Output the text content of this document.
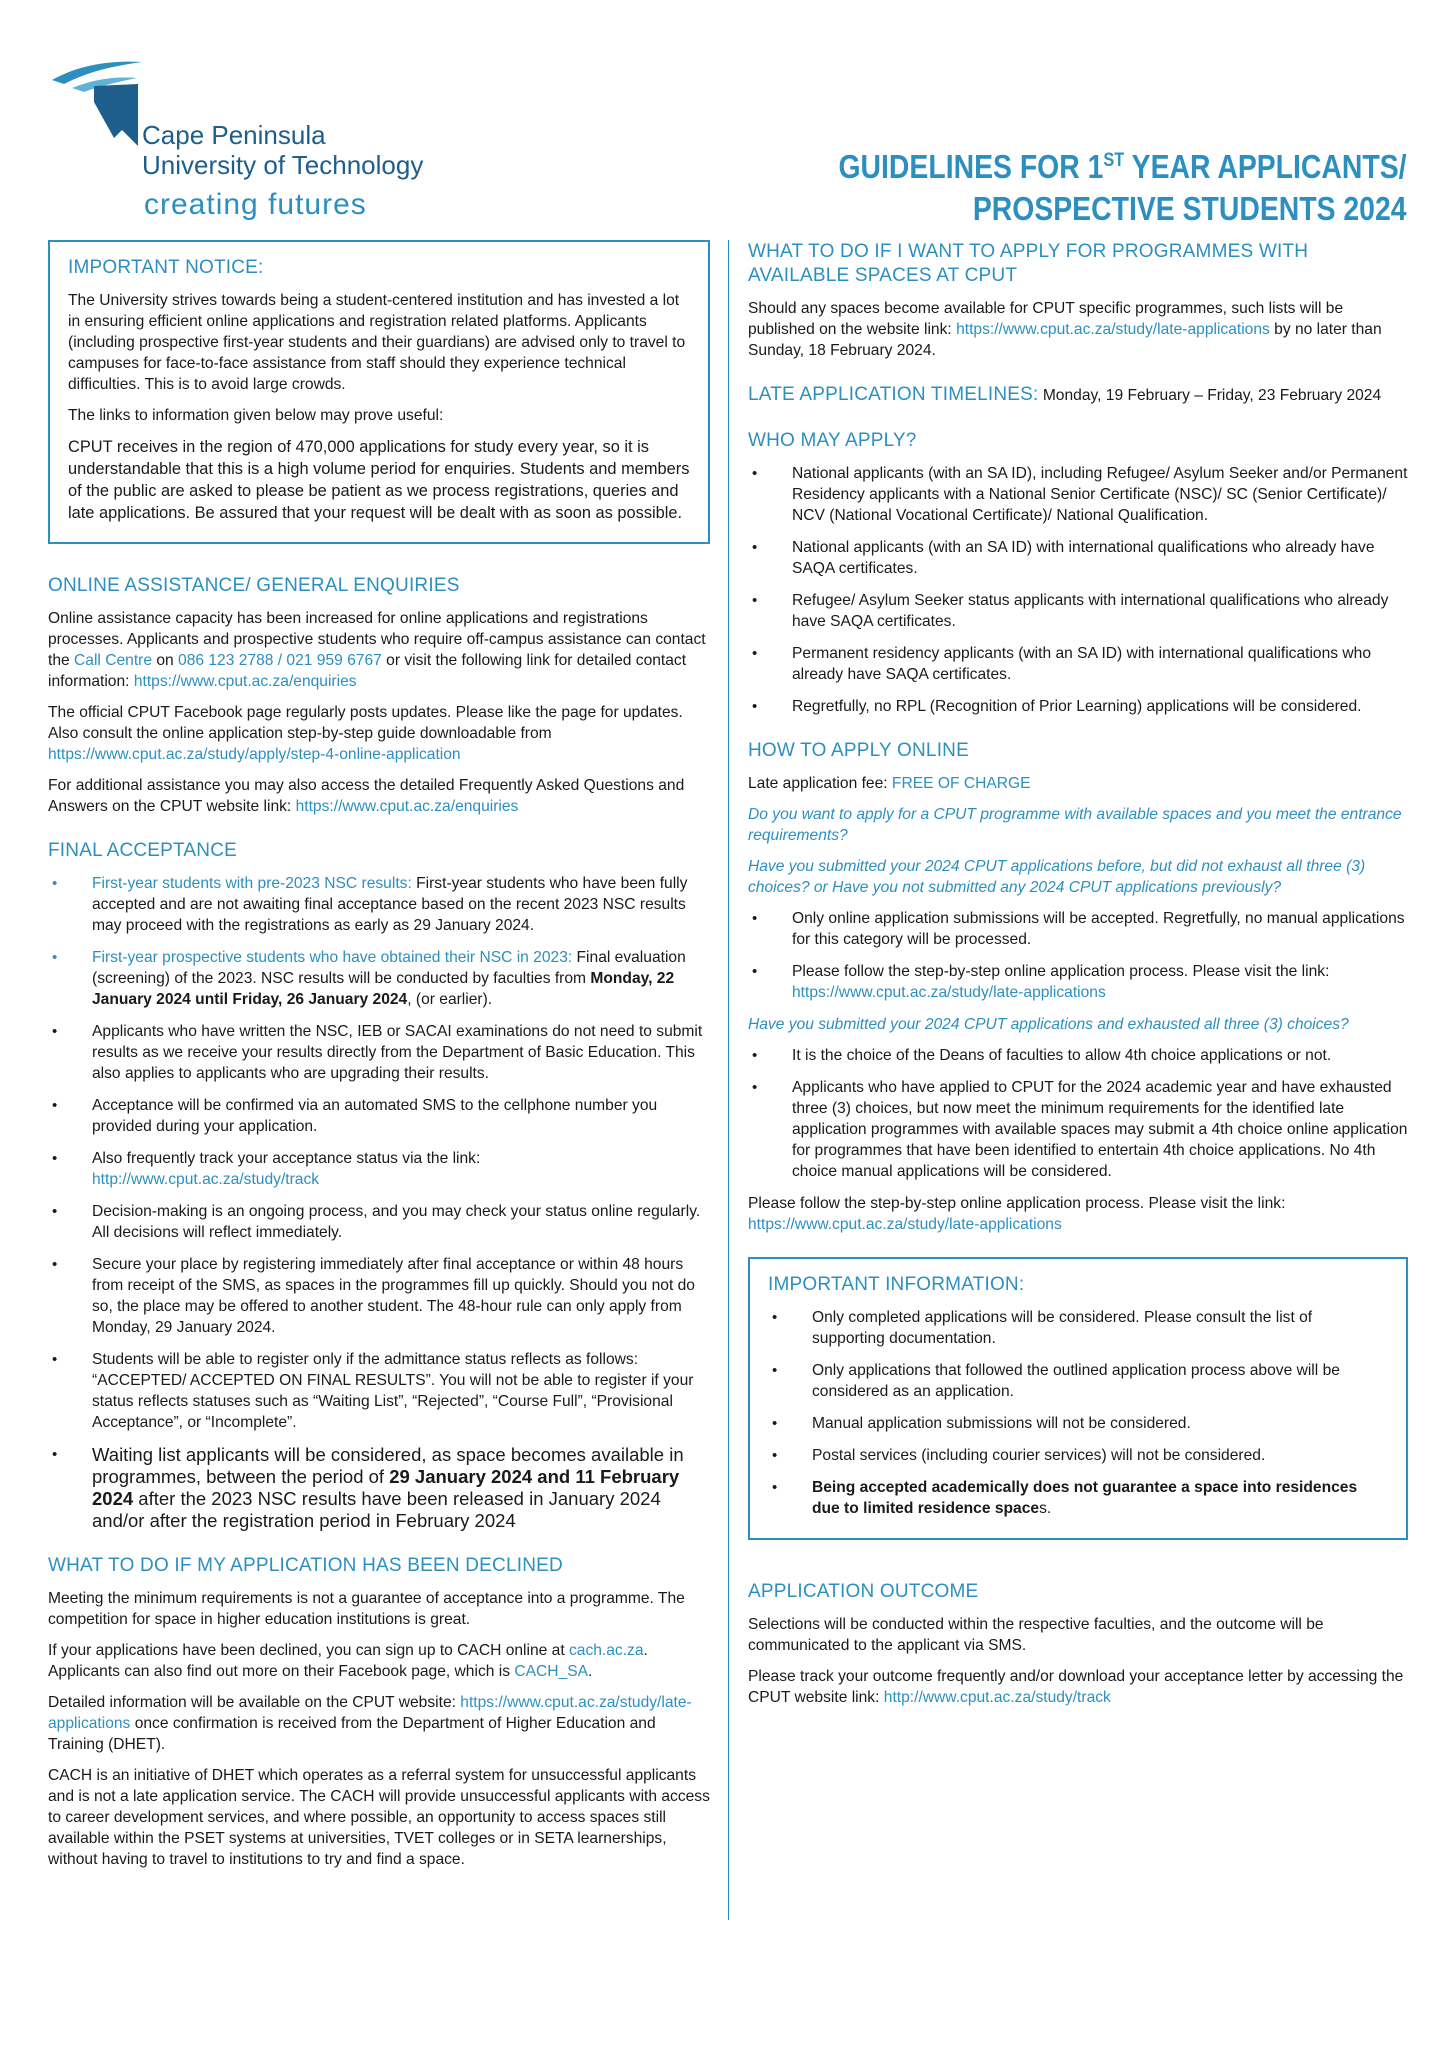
Cape Peninsula
University of Technology
creating futures
GUIDELINES FOR 1ST YEAR APPLICANTS/
PROSPECTIVE STUDENTS 2024
IMPORTANT NOTICE:

The University strives towards being a student-centered institution and has invested a lot in ensuring efficient online applications and registration related platforms. Applicants (including prospective first-year students and their guardians) are advised only to travel to campuses for face-to-face assistance from staff should they experience technical difficulties. This is to avoid large crowds.

The links to information given below may prove useful:

CPUT receives in the region of 470,000 applications for study every year, so it is understandable that this is a high volume period for enquiries. Students and members of the public are asked to please be patient as we process registrations, queries and late applications. Be assured that your request will be dealt with as soon as possible.

ONLINE ASSISTANCE/ GENERAL ENQUIRIES

Online assistance capacity has been increased for online applications and registrations processes. Applicants and prospective students who require off-campus assistance can contact the Call Centre on 086 123 2788 / 021 959 6767 or visit the following link for detailed contact information: https://www.cput.ac.za/enquiries

The official CPUT Facebook page regularly posts updates. Please like the page for updates. Also consult the online application step-by-step guide downloadable from https://www.cput.ac.za/study/apply/step-4-online-application

For additional assistance you may also access the detailed Frequently Asked Questions and Answers on the CPUT website link: https://www.cput.ac.za/enquiries

FINAL ACCEPTANCE
• First-year students with pre-2023 NSC results: First-year students who have been fully accepted and are not awaiting final acceptance based on the recent 2023 NSC results may proceed with the registrations as early as 29 January 2024.
• First-year prospective students who have obtained their NSC in 2023: Final evaluation (screening) of the 2023. NSC results will be conducted by faculties from Monday, 22 January 2024 until Friday, 26 January 2024, (or earlier).
• Applicants who have written the NSC, IEB or SACAI examinations do not need to submit results as we receive your results directly from the Department of Basic Education. This also applies to applicants who are upgrading their results.
• Acceptance will be confirmed via an automated SMS to the cellphone number you provided during your application.
• Also frequently track your acceptance status via the link: http://www.cput.ac.za/study/track
• Decision-making is an ongoing process, and you may check your status online regularly. All decisions will reflect immediately.
• Secure your place by registering immediately after final acceptance or within 48 hours from receipt of the SMS, as spaces in the programmes fill up quickly. Should you not do so, the place may be offered to another student. The 48-hour rule can only apply from Monday, 29 January 2024.
• Students will be able to register only if the admittance status reflects as follows: “ACCEPTED/ ACCEPTED ON FINAL RESULTS”. You will not be able to register if your status reflects statuses such as “Waiting List”, “Rejected”, “Course Full”, “Provisional Acceptance”, or “Incomplete”.
• Waiting list applicants will be considered, as space becomes available in programmes, between the period of 29 January 2024 and 11 February 2024 after the 2023 NSC results have been released in January 2024 and/or after the registration period in February 2024
WHAT TO DO IF MY APPLICATION HAS BEEN DECLINED

Meeting the minimum requirements is not a guarantee of acceptance into a programme. The competition for space in higher education institutions is great.

If your applications have been declined, you can sign up to CACH online at cach.ac.za. Applicants can also find out more on their Facebook page, which is CACH_SA.

Detailed information will be available on the CPUT website: https://www.cput.ac.za/study/late-applications once confirmation is received from the Department of Higher Education and Training (DHET).

CACH is an initiative of DHET which operates as a referral system for unsuccessful applicants and is not a late application service. The CACH will provide unsuccessful applicants with access to career development services, and where possible, an opportunity to access spaces still available within the PSET systems at universities, TVET colleges or in SETA learnerships, without having to travel to institutions to try and find a space.

WHAT TO DO IF I WANT TO APPLY FOR PROGRAMMES WITH AVAILABLE SPACES AT CPUT

Should any spaces become available for CPUT specific programmes, such lists will be published on the website link: https://www.cput.ac.za/study/late-applications by no later than Sunday, 18 February 2024.

LATE APPLICATION TIMELINES: Monday, 19 February – Friday, 23 February 2024
WHO MAY APPLY?
• National applicants (with an SA ID), including Refugee/ Asylum Seeker and/or Permanent Residency applicants with a National Senior Certificate (NSC)/ SC (Senior Certificate)/ NCV (National Vocational Certificate)/ National Qualification.
• National applicants (with an SA ID) with international qualifications who already have SAQA certificates.
• Refugee/ Asylum Seeker status applicants with international qualifications who already have SAQA certificates.
• Permanent residency applicants (with an SA ID) with international qualifications who already have SAQA certificates.
• Regretfully, no RPL (Recognition of Prior Learning) applications will be considered.
HOW TO APPLY ONLINE

Late application fee: FREE OF CHARGE

Do you want to apply for a CPUT programme with available spaces and you meet the entrance requirements?

Have you submitted your 2024 CPUT applications before, but did not exhaust all three (3) choices? or Have you not submitted any 2024 CPUT applications previously?

• Only online application submissions will be accepted. Regretfully, no manual applications for this category will be processed.
• Please follow the step-by-step online application process. Please visit the link: https://www.cput.ac.za/study/late-applications

Have you submitted your 2024 CPUT applications and exhausted all three (3) choices?

• It is the choice of the Deans of faculties to allow 4th choice applications or not.
• Applicants who have applied to CPUT for the 2024 academic year and have exhausted three (3) choices, but now meet the minimum requirements for the identified late application programmes with available spaces may submit a 4th choice online application for programmes that have been identified to entertain 4th choice applications. No 4th choice manual applications will be considered.

Please follow the step-by-step online application process. Please visit the link: https://www.cput.ac.za/study/late-applications

IMPORTANT INFORMATION:
• Only completed applications will be considered. Please consult the list of supporting documentation.
• Only applications that followed the outlined application process above will be considered as an application.
• Manual application submissions will not be considered.
• Postal services (including courier services) will not be considered.
• Being accepted academically does not guarantee a space into residences due to limited residence spaces.
APPLICATION OUTCOME

Selections will be conducted within the respective faculties, and the outcome will be communicated to the applicant via SMS.

Please track your outcome frequently and/or download your acceptance letter by accessing the CPUT website link: http://www.cput.ac.za/study/track
